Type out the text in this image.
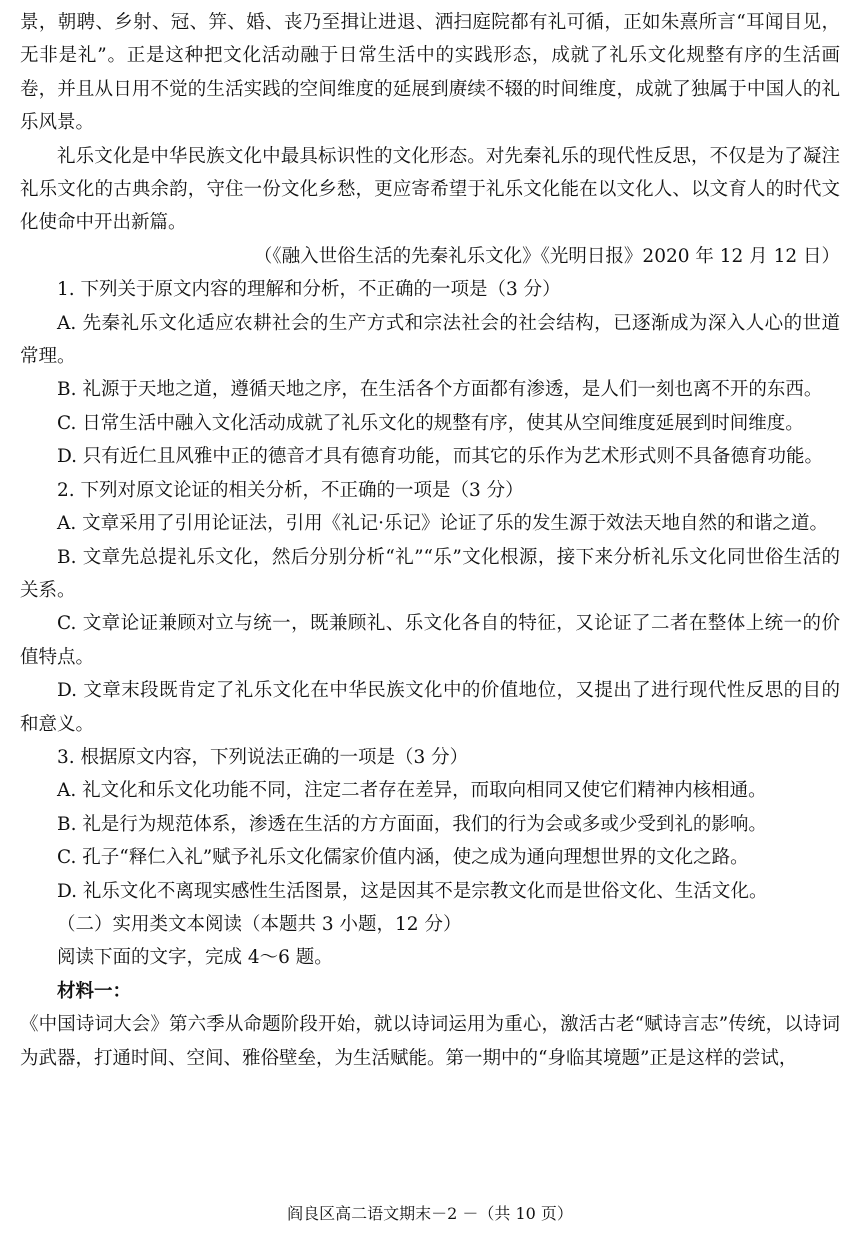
景，朝聘、乡射、冠、笄、婚、丧乃至揖让进退、洒扫庭院都有礼可循，正如朱熹所言“耳闻目见，无非是礼”。正是这种把文化活动融于日常生活中的实践形态，成就了礼乐文化规整有序的生活画卷，并且从日用不觉的生活实践的空间维度的延展到赓续不辍的时间维度，成就了独属于中国人的礼乐风景。

礼乐文化是中华民族文化中最具标识性的文化形态。对先秦礼乐的现代性反思，不仅是为了凝注礼乐文化的古典余韵，守住一份文化乡愁，更应寄希望于礼乐文化能在以文化人、以文育人的时代文化使命中开出新篇。

（《融入世俗生活的先秦礼乐文化》《光明日报》2020 年 12 月 12 日）

1. 下列关于原文内容的理解和分析，不正确的一项是（3 分）

A. 先秦礼乐文化适应农耕社会的生产方式和宗法社会的社会结构，已逐渐成为深入人心的世道常理。

B. 礼源于天地之道，遵循天地之序，在生活各个方面都有渗透，是人们一刻也离不开的东西。

C. 日常生活中融入文化活动成就了礼乐文化的规整有序，使其从空间维度延展到时间维度。

D. 只有近仁且风雅中正的德音才具有德育功能，而其它的乐作为艺术形式则不具备德育功能。

2. 下列对原文论证的相关分析，不正确的一项是（3 分）

A. 文章采用了引用论证法，引用《礼记·乐记》论证了乐的发生源于效法天地自然的和谐之道。

B. 文章先总提礼乐文化，然后分别分析“礼”“乐”文化根源，接下来分析礼乐文化同世俗生活的关系。

C. 文章论证兼顾对立与统一，既兼顾礼、乐文化各自的特征，又论证了二者在整体上统一的价值特点。

D. 文章末段既肯定了礼乐文化在中华民族文化中的价值地位，又提出了进行现代性反思的目的和意义。

3. 根据原文内容，下列说法正确的一项是（3 分）

A. 礼文化和乐文化功能不同，注定二者存在差异，而取向相同又使它们精神内核相通。

B. 礼是行为规范体系，渗透在生活的方方面面，我们的行为会或多或少受到礼的影响。

C. 孔子“释仁入礼”赋予礼乐文化儒家价值内涵，使之成为通向理想世界的文化之路。

D. 礼乐文化不离现实感性生活图景，这是因其不是宗教文化而是世俗文化、生活文化。

（二）实用类文本阅读（本题共 3 小题，12 分）

阅读下面的文字，完成 4～6 题。

材料一：

《中国诗词大会》第六季从命题阶段开始，就以诗词运用为重心，激活古老“赋诗言志”传统，以诗词为武器，打通时间、空间、雅俗壁垒，为生活赋能。第一期中的“身临其境题”正是这样的尝试，

阎良区高二语文期末－2 －（共 10 页）
